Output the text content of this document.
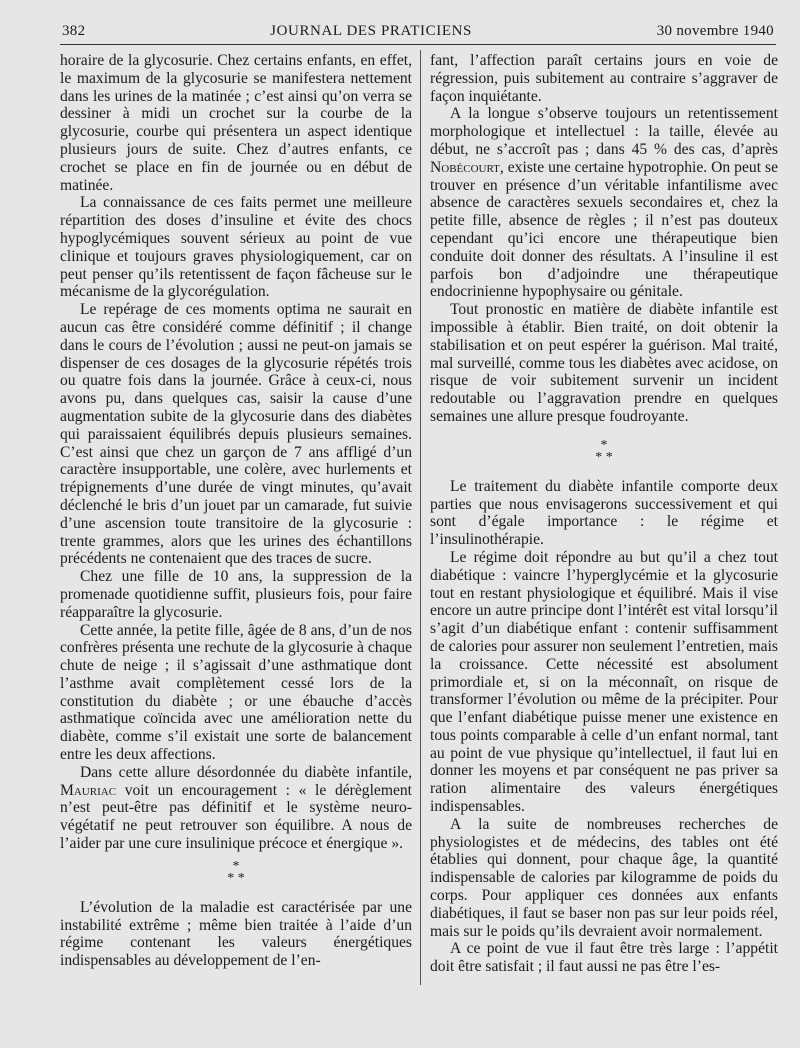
382	JOURNAL DES PRATICIENS	30 novembre 1940

horaire de la glycosurie. Chez certains enfants, en effet, le maximum de la glycosurie se manifestera nettement dans les urines de la matinée ; c’est ainsi qu’on verra se dessiner à midi un crochet sur la courbe de la glycosurie, courbe qui présentera un aspect identique plusieurs jours de suite. Chez d’autres enfants, ce crochet se place en fin de journée ou en début de matinée.

La connaissance de ces faits permet une meilleure répartition des doses d’insuline et évite des chocs hypoglycémiques souvent sérieux au point de vue clinique et toujours graves physiologiquement, car on peut penser qu’ils retentissent de façon fâcheuse sur le mécanisme de la glycorégulation.

Le repérage de ces moments optima ne saurait en aucun cas être considéré comme définitif ; il change dans le cours de l’évolution ; aussi ne peut-on jamais se dispenser de ces dosages de la glycosurie répétés trois ou quatre fois dans la journée. Grâce à ceux-ci, nous avons pu, dans quelques cas, saisir la cause d’une augmentation subite de la glycosurie dans des diabètes qui paraissaient équilibrés depuis plusieurs semaines. C’est ainsi que chez un garçon de 7 ans affligé d’un caractère insupportable, une colère, avec hurlements et trépignements d’une durée de vingt minutes, qu’avait déclenché le bris d’un jouet par un camarade, fut suivie d’une ascension toute transitoire de la glycosurie : trente grammes, alors que les urines des échantillons précédents ne contenaient que des traces de sucre.

Chez une fille de 10 ans, la suppression de la promenade quotidienne suffit, plusieurs fois, pour faire réapparaître la glycosurie.

Cette année, la petite fille, âgée de 8 ans, d’un de nos confrères présenta une rechute de la glycosurie à chaque chute de neige ; il s’agissait d’une asthmatique dont l’asthme avait complètement cessé lors de la constitution du diabète ; or une ébauche d’accès asthmatique coïncida avec une amélioration nette du diabète, comme s’il existait une sorte de balancement entre les deux affections.

Dans cette allure désordonnée du diabète infantile, Mauriac voit un encouragement : « le dérèglement n’est peut-être pas définitif et le système neuro-végétatif ne peut retrouver son équilibre. A nous de l’aider par une cure insulinique précoce et énergique ».

*
* *

L’évolution de la maladie est caractérisée par une instabilité extrême ; même bien traitée à l’aide d’un régime contenant les valeurs énergétiques indispensables au développement de l’en-

fant, l’affection paraît certains jours en voie de régression, puis subitement au contraire s’aggraver de façon inquiétante.

A la longue s’observe toujours un retentissement morphologique et intellectuel : la taille, élevée au début, ne s’accroît pas ; dans 45 % des cas, d’après Nobécourt, existe une certaine hypotrophie. On peut se trouver en présence d’un véritable infantilisme avec absence de caractères sexuels secondaires et, chez la petite fille, absence de règles ; il n’est pas douteux cependant qu’ici encore une thérapeutique bien conduite doit donner des résultats. A l’insuline il est parfois bon d’adjoindre une thérapeutique endocrinienne hypophysaire ou génitale.

Tout pronostic en matière de diabète infantile est impossible à établir. Bien traité, on doit obtenir la stabilisation et on peut espérer la guérison. Mal traité, mal surveillé, comme tous les diabètes avec acidose, on risque de voir subitement survenir un incident redoutable ou l’aggravation prendre en quelques semaines une allure presque foudroyante.

*
* *

Le traitement du diabète infantile comporte deux parties que nous envisagerons successivement et qui sont d’égale importance : le régime et l’insulinothérapie.

Le régime doit répondre au but qu’il a chez tout diabétique : vaincre l’hyperglycémie et la glycosurie tout en restant physiologique et équilibré. Mais il vise encore un autre principe dont l’intérêt est vital lorsqu’il s’agit d’un diabétique enfant : contenir suffisamment de calories pour assurer non seulement l’entretien, mais la croissance. Cette nécessité est absolument primordiale et, si on la méconnaît, on risque de transformer l’évolution ou même de la précipiter. Pour que l’enfant diabétique puisse mener une existence en tous points comparable à celle d’un enfant normal, tant au point de vue physique qu’intellectuel, il faut lui en donner les moyens et par conséquent ne pas priver sa ration alimentaire des valeurs énergétiques indispensables.

A la suite de nombreuses recherches de physiologistes et de médecins, des tables ont été établies qui donnent, pour chaque âge, la quantité indispensable de calories par kilogramme de poids du corps. Pour appliquer ces données aux enfants diabétiques, il faut se baser non pas sur leur poids réel, mais sur le poids qu’ils devraient avoir normalement.

A ce point de vue il faut être très large : l’appétit doit être satisfait ; il faut aussi ne pas être l’es-
